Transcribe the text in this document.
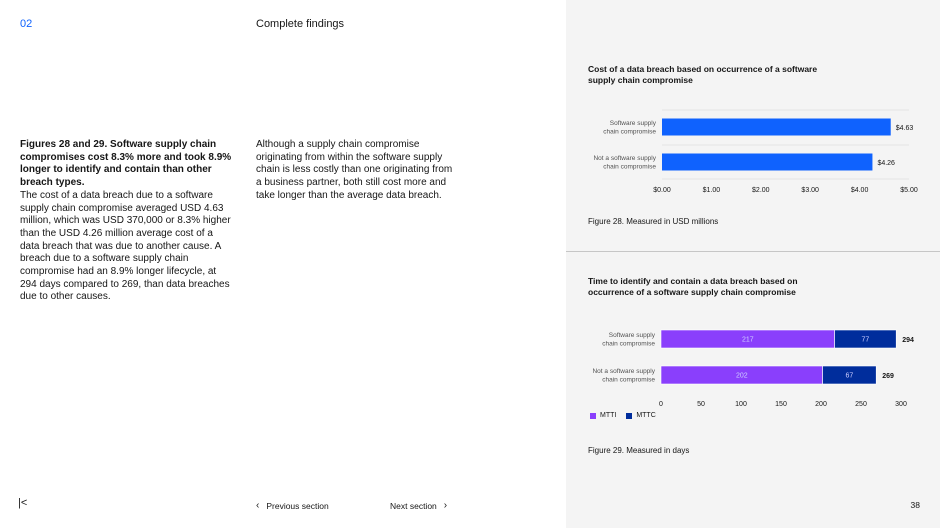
02	Complete findings
Figures 28 and 29. Software supply chain compromises cost 8.3% more and took 8.9% longer to identify and contain than other breach types.
The cost of a data breach due to a software supply chain compromise averaged USD 4.63 million, which was USD 370,000 or 8.3% higher than the USD 4.26 million average cost of a data breach that was due to another cause. A breach due to a software supply chain compromise had an 8.9% longer lifecycle, at 294 days compared to 269, than data breaches due to other causes.
Although a supply chain compromise originating from within the software supply chain is less costly than one originating from a business partner, both still cost more and take longer than the average data breach.
Cost of a data breach based on occurrence of a software supply chain compromise
Software supply
chain compromise	$4.63
Not a software supply
chain compromise	$4.26
$0.00	$1.00	$2.00	$3.00	$4.00	$5.00
Figure 28. Measured in USD millions
Time to identify and contain a data breach based on occurrence of a software supply chain compromise
Software supply
chain compromise
217	77	294
Not a software supply
chain compromise
202	67	269
0	50	100	150	200	250	300
MTTI	MTTC
Figure 29. Measured in days
|<	‹ Previous section	Next section ›	38
